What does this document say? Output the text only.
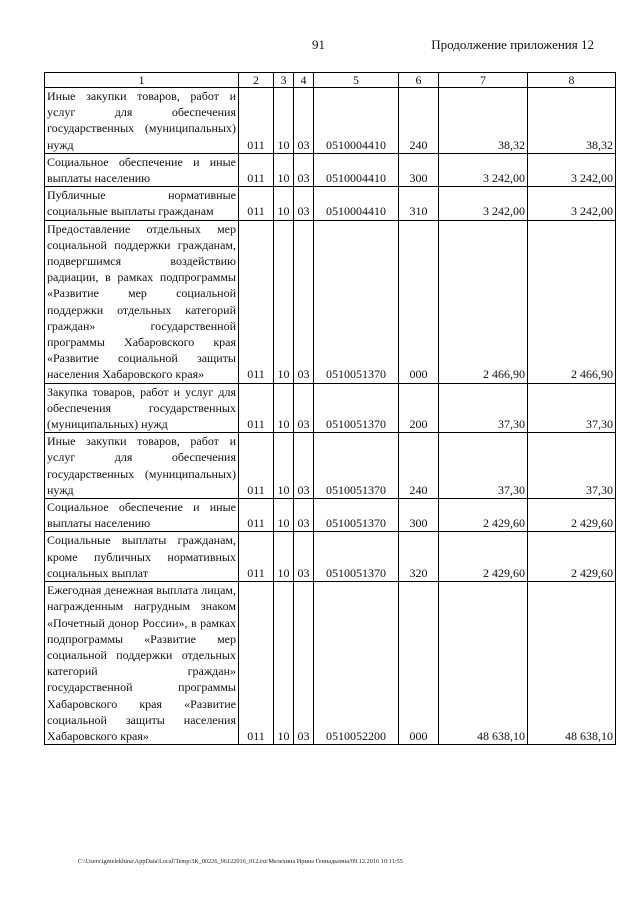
91	Продолжение приложения 12
1	2	3	4	5	6	7	8
Иные закупки товаров, работ и услуг для обеспечения государственных (муниципальных) нужд	011	10	03	0510004410	240	38,32	38,32
Социальное обеспечение и иные выплаты населению	011	10	03	0510004410	300	3 242,00	3 242,00
Публичные нормативные социальные выплаты гражданам	011	10	03	0510004410	310	3 242,00	3 242,00
Предоставление отдельных мер социальной поддержки гражданам, подвергшимся воздействию радиации, в рамках подпрограммы «Развитие мер социальной поддержки отдельных категорий граждан» государственной программы Хабаровского края «Развитие социальной защиты населения Хабаровского края»	011	10	03	0510051370	000	2 466,90	2 466,90
Закупка товаров, работ и услуг для обеспечения государственных (муниципальных) нужд	011	10	03	0510051370	200	37,30	37,30
Иные закупки товаров, работ и услуг для обеспечения государственных (муниципальных) нужд	011	10	03	0510051370	240	37,30	37,30
Социальное обеспечение и иные выплаты населению	011	10	03	0510051370	300	2 429,60	2 429,60
Социальные выплаты гражданам, кроме публичных нормативных социальных выплат	011	10	03	0510051370	320	2 429,60	2 429,60
Ежегодная денежная выплата лицам, награжденным нагрудным знаком «Почетный донор России», в рамках подпрограммы «Развитие мер социальной поддержки отдельных категорий граждан» государственной программы Хабаровского края «Развитие социальной защиты населения Хабаровского края»	011	10	03	0510052200	000	48 638,10	48 638,10
C:\Users\igmelekhina\AppData\Local\Temp\ЗК_00226_06122016_012.txt/Мелехина Ирина Геннадьевна/09.12.2016 10:11:55
